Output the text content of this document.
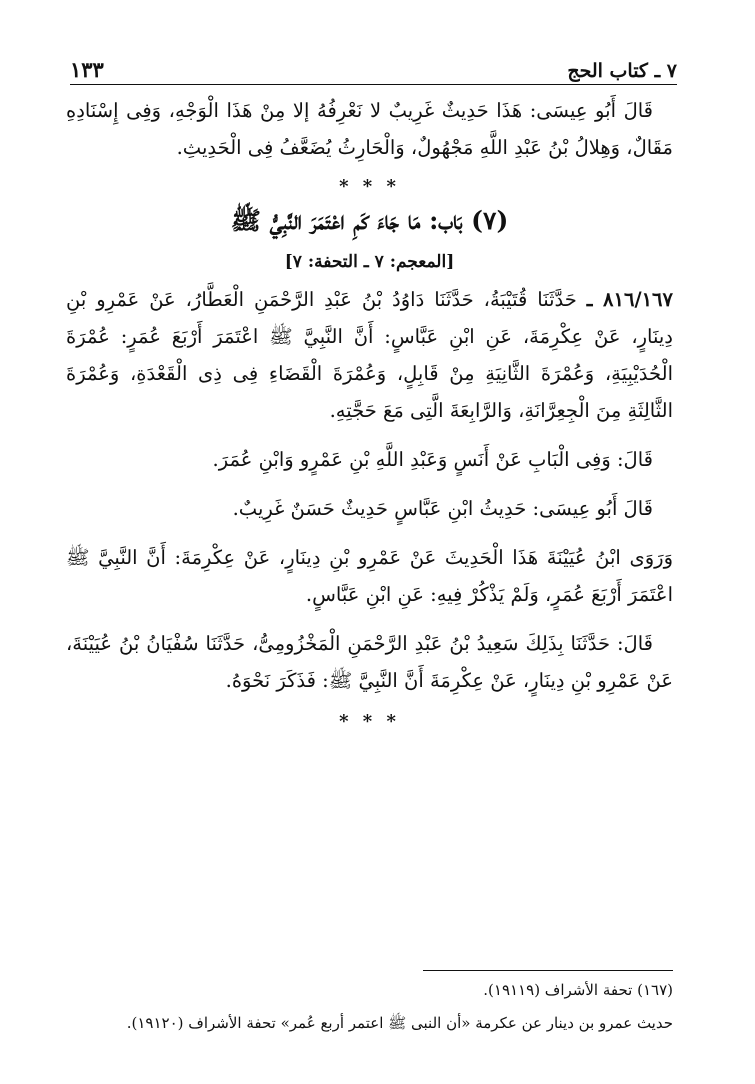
٧ ـ كتاب الحج
١٣٣

قَالَ أَبُو عِيسَى: هَذَا حَدِيثٌ غَرِيبٌ لا نَعْرِفُهُ إلا مِنْ هَذَا الْوَجْهِ، وَفِى إِسْنَادِهِ مَقَالٌ، وَهِلالُ بْنُ عَبْدِ اللَّهِ مَجْهُولٌ، وَالْحَارِثُ يُضَعَّفُ فِى الْحَدِيثِ.

* * *

(٧) بَاب: مَا جَاءَ كَمِ اعْتَمَرَ النَّبِيُّ ﷺ

[المعجم: ٧ ـ التحفة: ٧]

٨١٦/١٦٧ ـ حَدَّثَنَا قُتَيْبَةُ، حَدَّثَنَا دَاوُدُ بْنُ عَبْدِ الرَّحْمَنِ الْعَطَّارُ، عَنْ عَمْرِو بْنِ دِينَارٍ، عَنْ عِكْرِمَةَ، عَنِ ابْنِ عَبَّاسٍ: أَنَّ النَّبِيَّ ﷺ اعْتَمَرَ أَرْبَعَ عُمَرٍ: عُمْرَةَ الْحُدَيْبِيَةِ، وَعُمْرَةَ الثَّانِيَةِ مِنْ قَابِلٍ، وَعُمْرَةَ الْقَضَاءِ فِى ذِى الْقَعْدَةِ، وَعُمْرَةَ الثَّالِثَةِ مِنَ الْجِعِرَّانَةِ، وَالرَّابِعَةَ الَّتِى مَعَ حَجَّتِهِ.

قَالَ: وَفِى الْبَابِ عَنْ أَنَسٍ وَعَبْدِ اللَّهِ بْنِ عَمْرٍو وَابْنِ عُمَرَ.

قَالَ أَبُو عِيسَى: حَدِيثُ ابْنِ عَبَّاسٍ حَدِيثٌ حَسَنٌ غَرِيبٌ.

وَرَوَى ابْنُ عُيَيْنَةَ هَذَا الْحَدِيثَ عَنْ عَمْرِو بْنِ دِينَارٍ، عَنْ عِكْرِمَةَ: أَنَّ النَّبِيَّ ﷺ اعْتَمَرَ أَرْبَعَ عُمَرٍ، وَلَمْ يَذْكُرْ فِيهِ: عَنِ ابْنِ عَبَّاسٍ.

قَالَ: حَدَّثَنَا بِذَلِكَ سَعِيدُ بْنُ عَبْدِ الرَّحْمَنِ الْمَخْزُومِىُّ، حَدَّثَنَا سُفْيَانُ بْنُ عُيَيْنَةَ، عَنْ عَمْرِو بْنِ دِينَارٍ، عَنْ عِكْرِمَةَ أَنَّ النَّبِيَّ ﷺ: فَذَكَرَ نَحْوَهُ.

* * *

(١٦٧) تحفة الأشراف (١٩١١٩).

حديث عمرو بن دينار عن عكرمة «أن النبى ﷺ اعتمر أربع عُمر» تحفة الأشراف (١٩١٢٠).
